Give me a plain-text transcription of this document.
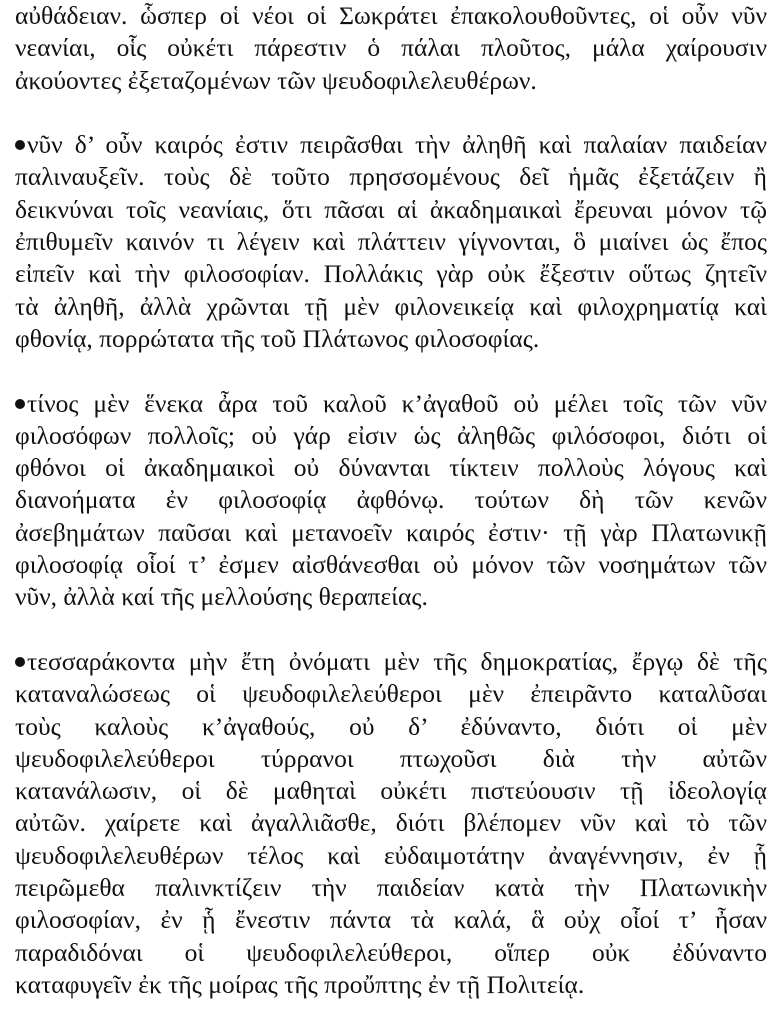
αὐθάδειαν. ὧσπερ οἱ νέοι οἱ Σωκράτει ἐπακολουθοῦντες, οἱ οὖν νῦν
νεανίαι, οἷς οὐκέτι πάρεστιν ὁ πάλαι πλοῦτος, μάλα χαίρουσιν
ἀκούοντες ἐξεταζομένων τῶν ψευδοφιλελευθέρων.
νῦν δ’ οὖν καιρός ἐστιν πειρᾶσθαι τὴν ἀληθῆ καὶ παλαίαν παιδείαν
παλιναυξεῖν. τοὺς δὲ τοῦτο πρησσομένους δεῖ ἡμᾶς ἐξετάζειν ἢ
δεικνύναι τοῖς νεανίαις, ὅτι πᾶσαι αἱ ἀκαδημαικαὶ ἔρευναι μόνον τῷ
ἐπιθυμεῖν καινόν τι λέγειν καὶ πλάττειν γίγνονται, ὃ μιαίνει ὡς ἔπος
εἰπεῖν καὶ τὴν φιλοσοφίαν. Πολλάκις γὰρ οὐκ ἔξεστιν οὕτως ζητεῖν
τὰ ἀληθῆ, ἀλλὰ χρῶνται τῇ μὲν φιλονεικείᾳ καὶ φιλοχρηματίᾳ καὶ
φθονίᾳ, πορρώτατα τῆς τοῦ Πλάτωνος φιλοσοφίας.
τίνος μὲν ἕνεκα ἆρα τοῦ καλοῦ κ’ἀγαθοῦ οὐ μέλει τοῖς τῶν νῦν
φιλοσόφων πολλοῖς; οὐ γάρ εἰσιν ὡς ἀληθῶς φιλόσοφοι, διότι οἱ
φθόνοι οἱ ἀκαδημαικοὶ οὐ δύνανται τίκτειν πολλοὺς λόγους καὶ
διανοήματα ἐν φιλοσοφίᾳ ἀφθόνῳ. τούτων δὴ τῶν κενῶν
ἀσεβημάτων παῦσαι καὶ μετανοεῖν καιρός ἐστιν· τῇ γὰρ Πλατωνικῇ
φιλοσοφίᾳ οἷοί τ’ ἐσμεν αἰσθάνεσθαι οὐ μόνον τῶν νοσημάτων τῶν
νῦν, ἀλλὰ καί τῆς μελλούσης θεραπείας.
τεσσαράκοντα μὴν ἔτη ὀνόματι μὲν τῆς δημοκρατίας, ἔργῳ δὲ τῆς
καταναλώσεως οἱ ψευδοφιλελεύθεροι μὲν ἐπειρᾶντο καταλῦσαι
τοὺς καλοὺς κ’ἀγαθούς, οὐ δ’ ἐδύναντο, διότι οἱ μὲν
ψευδοφιλελεύθεροι τύρρανοι πτωχοῦσι διὰ τὴν αὐτῶν
κατανάλωσιν, οἱ δὲ μαθηταὶ οὐκέτι πιστεύουσιν τῇ ἰδεολογίᾳ
αὐτῶν. χαίρετε καὶ ἀγαλλιᾶσθε, διότι βλέπομεν νῦν καὶ τὸ τῶν
ψευδοφιλελευθέρων τέλος καὶ εὐδαιμοτάτην ἀναγέννησιν, ἐν ᾗ
πειρῶμεθα παλινκτίζειν τὴν παιδείαν κατὰ τὴν Πλατωνικὴν
φιλοσοφίαν, ἐν ᾗ ἔνεστιν πάντα τὰ καλά, ἃ οὐχ οἷοί τ’ ἦσαν
παραδιδόναι οἱ ψευδοφιλελεύθεροι, οἵπερ οὐκ ἐδύναντο
καταφυγεῖν ἐκ τῆς μοίρας τῆς προὔπτης ἐν τῇ Πολιτείᾳ.
